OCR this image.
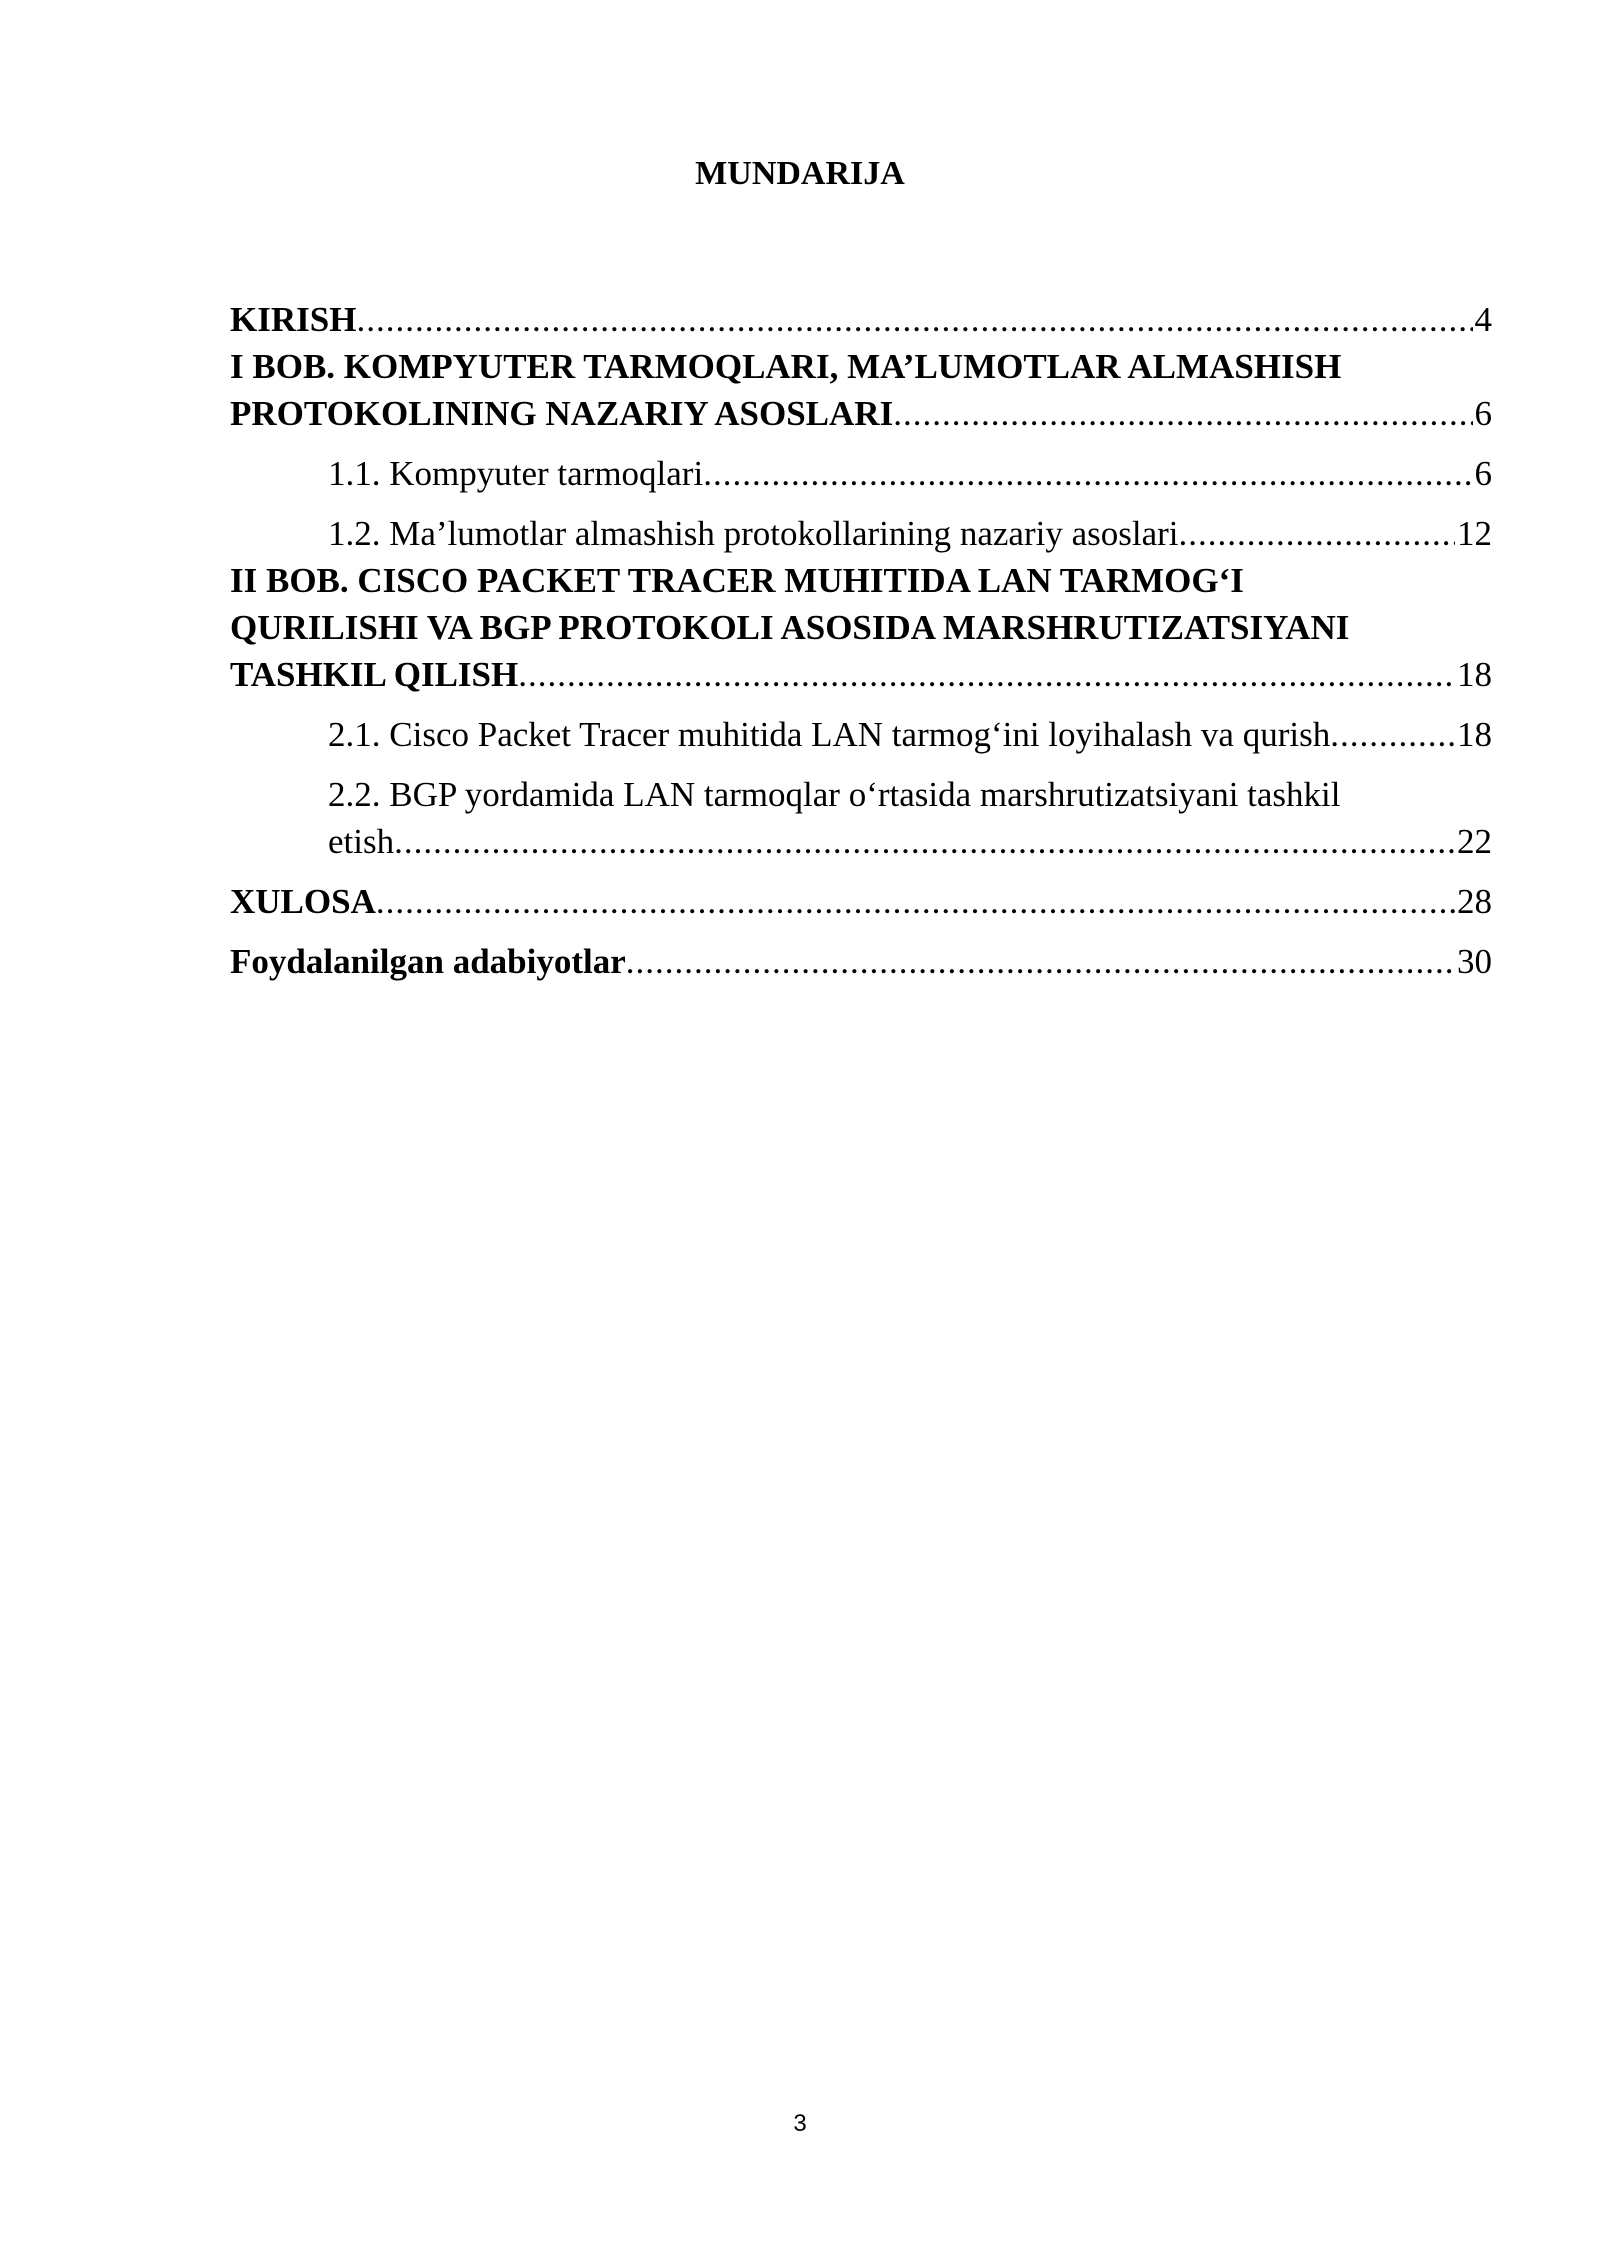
MUNDARIJA
KIRISH .....	4
I BOB. KOMPYUTER TARMOQLARI, MA’LUMOTLAR ALMASHISH
PROTOKOLINING NAZARIY ASOSLARI .....	6
1.1. Kompyuter tarmoqlari .....	6
1.2. Ma’lumotlar almashish protokollarining nazariy asoslari .....	12
II BOB. CISCO PACKET TRACER MUHITIDA LAN TARMOG‘I
QURILISHI VA BGP PROTOKOLI ASOSIDA MARSHRUTIZATSIYANI
TASHKIL QILISH .....	18
2.1. Cisco Packet Tracer muhitida LAN tarmog‘ini loyihalash va qurish .....	18
2.2. BGP yordamida LAN tarmoqlar o‘rtasida marshrutizatsiyani tashkil
etish .....	22
XULOSA .....	28
Foydalanilgan adabiyotlar .....	30
3
